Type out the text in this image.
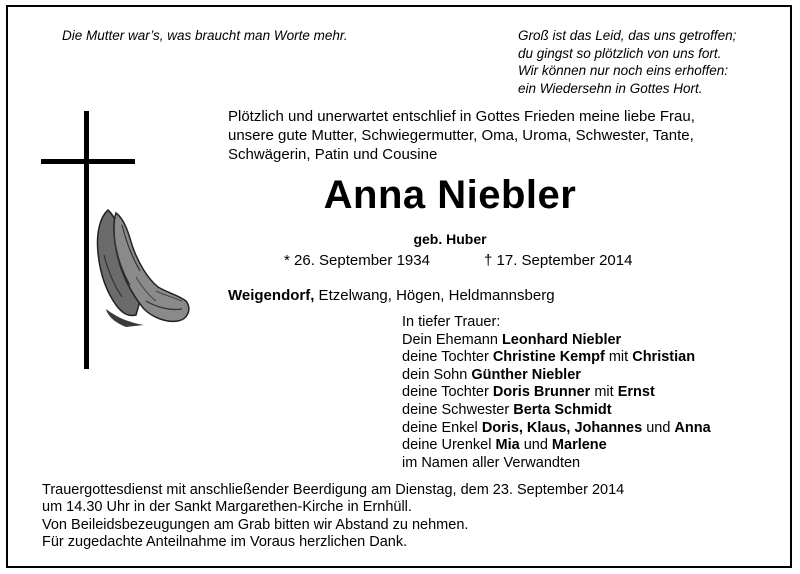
Die Mutter war’s, was braucht man Worte mehr.	Groß ist das Leid, das uns getroffen;
du gingst so plötzlich von uns fort.
Wir können nur noch eins erhoffen:
ein Wiedersehn in Gottes Hort.
Plötzlich und unerwartet entschlief in Gottes Frieden meine liebe Frau,
unsere gute Mutter, Schwiegermutter, Oma, Uroma, Schwester, Tante,
Schwägerin, Patin und Cousine
Anna Niebler
geb. Huber
* 26. September 1934	† 17. September 2014
Weigendorf, Etzelwang, Högen, Heldmannsberg
In tiefer Trauer:
Dein Ehemann Leonhard Niebler
deine Tochter Christine Kempf mit Christian
dein Sohn Günther Niebler
deine Tochter Doris Brunner mit Ernst
deine Schwester Berta Schmidt
deine Enkel Doris, Klaus, Johannes und Anna
deine Urenkel Mia und Marlene
im Namen aller Verwandten
Trauergottesdienst mit anschließender Beerdigung am Dienstag, dem 23. September 2014
um 14.30 Uhr in der Sankt Margarethen-Kirche in Ernhüll.
Von Beileidsbezeugungen am Grab bitten wir Abstand zu nehmen.
Für zugedachte Anteilnahme im Voraus herzlichen Dank.
